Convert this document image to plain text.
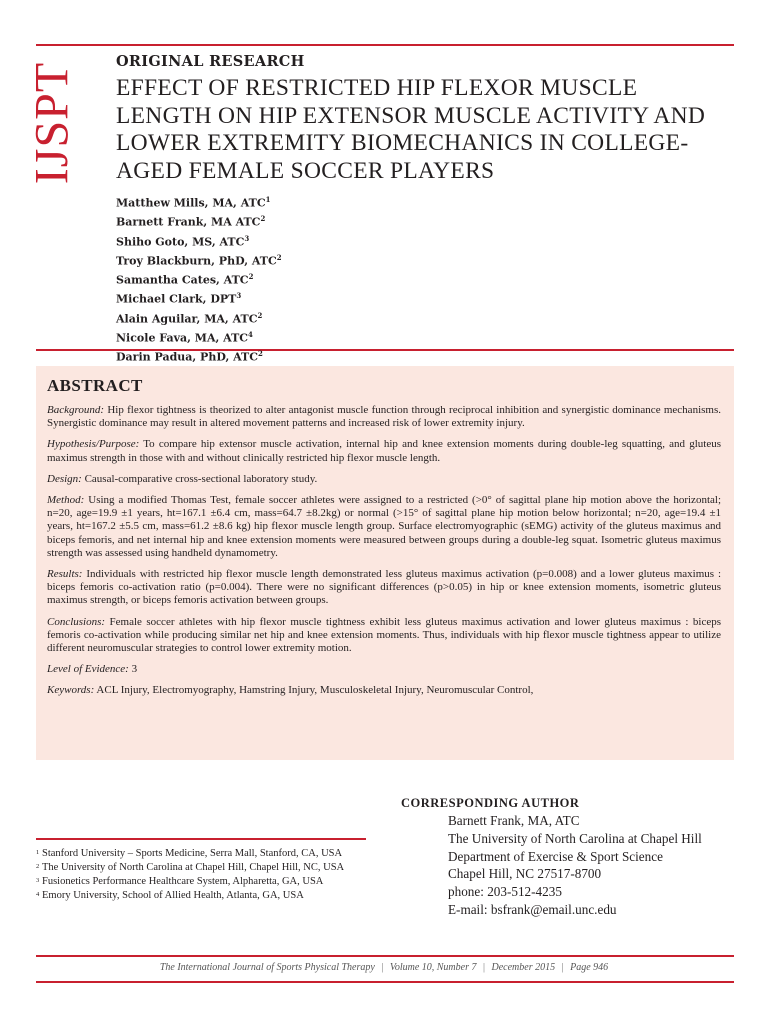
IJSPT
ORIGINAL RESEARCH
EFFECT OF RESTRICTED HIP FLEXOR MUSCLE LENGTH ON HIP EXTENSOR MUSCLE ACTIVITY AND LOWER EXTREMITY BIOMECHANICS IN COLLEGE-AGED FEMALE SOCCER PLAYERS
Matthew Mills, MA, ATC$^1$
Barnett Frank, MA ATC$^2$
Shiho Goto, MS, ATC$^3$
Troy Blackburn, PhD, ATC$^2$
Samantha Cates, ATC$^2$
Michael Clark, DPT$^3$
Alain Aguilar, MA, ATC$^2$
Nicole Fava, MA, ATC$^4$
Darin Padua, PhD, ATC$^2$
ABSTRACT

Background: Hip flexor tightness is theorized to alter antagonist muscle function through reciprocal inhibition and synergistic dominance mechanisms. Synergistic dominance may result in altered movement patterns and increased risk of lower extremity injury.

Hypothesis/Purpose: To compare hip extensor muscle activation, internal hip and knee extension moments during double-leg squatting, and gluteus maximus strength in those with and without clinically restricted hip flexor muscle length.

Design: Causal-comparative cross-sectional laboratory study.

Method: Using a modified Thomas Test, female soccer athletes were assigned to a restricted (>0° of sagittal plane hip motion above the horizontal; n=20, age=19.9 ±1 years, ht=167.1 ±6.4 cm, mass=64.7 ±8.2kg) or normal (>15° of sagittal plane hip motion below horizontal; n=20, age=19.4 ±1 years, ht=167.2 ±5.5 cm, mass=61.2 ±8.6 kg) hip flexor muscle length group. Surface electromyographic (sEMG) activity of the gluteus maximus and biceps femoris, and net internal hip and knee extension moments were measured between groups during a double-leg squat. Isometric gluteus maximus strength was assessed using handheld dynamometry.

Results: Individuals with restricted hip flexor muscle length demonstrated less gluteus maximus activation (p=0.008) and a lower gluteus maximus : biceps femoris co-activation ratio (p=0.004). There were no significant differences (p>0.05) in hip or knee extension moments, isometric gluteus maximus strength, or biceps femoris activation between groups.

Conclusions: Female soccer athletes with hip flexor muscle tightness exhibit less gluteus maximus activation and lower gluteus maximus : biceps femoris co-activation while producing similar net hip and knee extension moments. Thus, individuals with hip flexor muscle tightness appear to utilize different neuromuscular strategies to control lower extremity motion.

Level of Evidence: 3

Keywords: ACL Injury, Electromyography, Hamstring Injury, Musculoskeletal Injury, Neuromuscular Control,

CORRESPONDING AUTHOR
Barnett Frank, MA, ATC
The University of North Carolina at Chapel Hill
Department of Exercise & Sport Science
Chapel Hill, NC 27517-8700
phone: 203-512-4235
E-mail: bsfrank@email.unc.edu
1 Stanford University – Sports Medicine, Serra Mall, Stanford, CA, USA
2 The University of North Carolina at Chapel Hill, Chapel Hill, NC, USA
3 Fusionetics Performance Healthcare System, Alpharetta, GA, USA
4 Emory University, School of Allied Health, Atlanta, GA, USA
The International Journal of Sports Physical Therapy | Volume 10, Number 7 | December 2015 | Page 946
